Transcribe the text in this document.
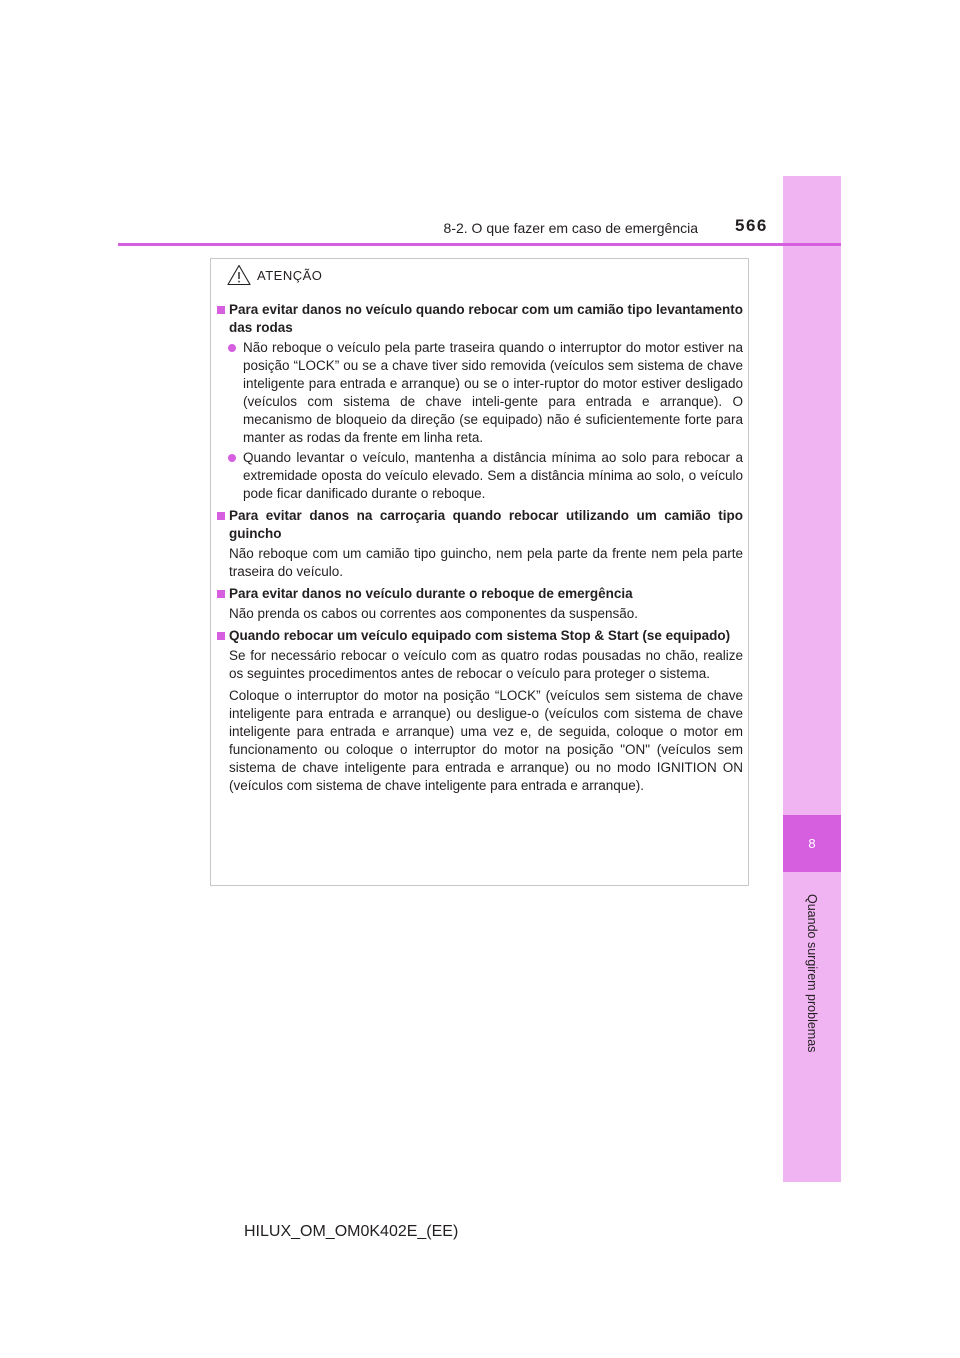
8
Quando surgirem problemas
8-2. O que fazer em caso de emergência 566
ATENÇÃO
Para evitar danos no veículo quando rebocar com um camião tipo levantamento das rodas
Não reboque o veículo pela parte traseira quando o interruptor do motor estiver na posição “LOCK” ou se a chave tiver sido removida (veículos sem sistema de chave inteligente para entrada e arranque) ou se o inter-ruptor do motor estiver desligado (veículos com sistema de chave inteli-gente para entrada e arranque). O mecanismo de bloqueio da direção (se equipado) não é suficientemente forte para manter as rodas da frente em linha reta.
Quando levantar o veículo, mantenha a distância mínima ao solo para rebocar a extremidade oposta do veículo elevado. Sem a distância mínima ao solo, o veículo pode ficar danificado durante o reboque.
Para evitar danos na carroçaria quando rebocar utilizando um camião tipo guincho
Não reboque com um camião tipo guincho, nem pela parte da frente nem pela parte traseira do veículo.
Para evitar danos no veículo durante o reboque de emergência
Não prenda os cabos ou correntes aos componentes da suspensão.
Quando rebocar um veículo equipado com sistema Stop & Start (se equipado)
Se for necessário rebocar o veículo com as quatro rodas pousadas no chão, realize os seguintes procedimentos antes de rebocar o veículo para proteger o sistema.
Coloque o interruptor do motor na posição “LOCK” (veículos sem sistema de chave inteligente para entrada e arranque) ou desligue-o (veículos com sistema de chave inteligente para entrada e arranque) uma vez e, de seguida, coloque o motor em funcionamento ou coloque o interruptor do motor na posição "ON" (veículos sem sistema de chave inteligente para entrada e arranque) ou no modo IGNITION ON (veículos com sistema de chave inteligente para entrada e arranque).
HILUX_OM_OM0K402E_(EE)
